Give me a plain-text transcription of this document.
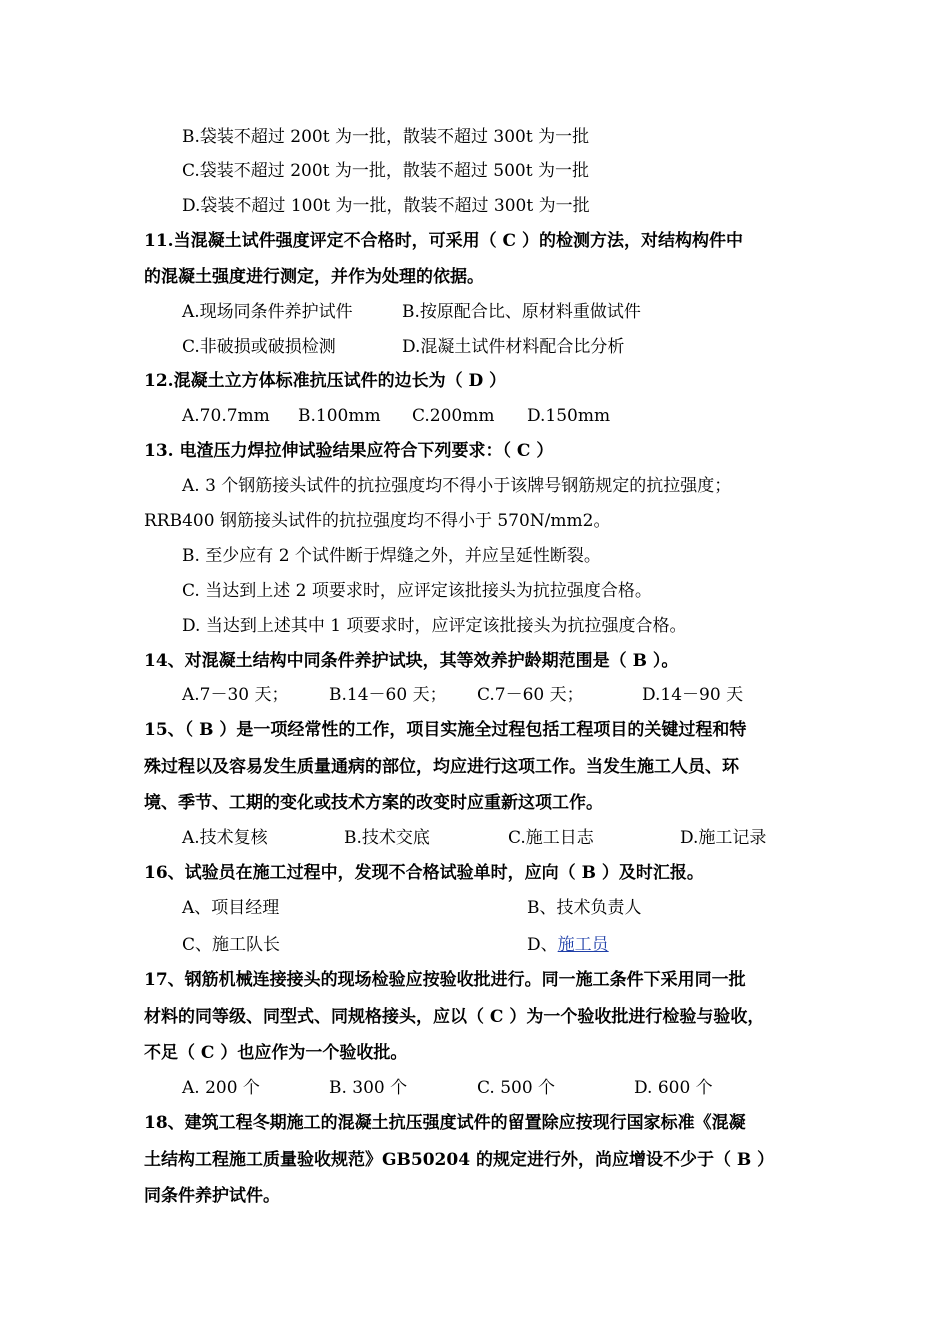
B.袋装不超过 200t 为一批，散装不超过 300t 为一批
C.袋装不超过 200t 为一批，散装不超过 500t 为一批
D.袋装不超过 100t 为一批，散装不超过 300t 为一批
11.当混凝土试件强度评定不合格时，可采用（ C ）的检测方法，对结构构件中
的混凝土强度进行测定，并作为处理的依据。
A.现场同条件养护试件	B.按原配合比、原材料重做试件
C.非破损或破损检测	D.混凝土试件材料配合比分析
12.混凝土立方体标准抗压试件的边长为（ D ）
A.70.7mm B.100mm C.200mm D.150mm
13. 电渣压力焊拉伸试验结果应符合下列要求：（ C ）
A. 3 个钢筋接头试件的抗拉强度均不得小于该牌号钢筋规定的抗拉强度；
RRB400 钢筋接头试件的抗拉强度均不得小于 570N/mm2。
B. 至少应有 2 个试件断于焊缝之外，并应呈延性断裂。
C. 当达到上述 2 项要求时，应评定该批接头为抗拉强度合格。
D. 当达到上述其中 1 项要求时，应评定该批接头为抗拉强度合格。
14、对混凝土结构中同条件养护试块，其等效养护龄期范围是（ B ）。
A.7－30 天； B.14－60 天； C.7－60 天；	D.14－90 天
15、（ B ）是一项经常性的工作，项目实施全过程包括工程项目的关键过程和特
殊过程以及容易发生质量通病的部位，均应进行这项工作。当发生施工人员、环
境、季节、工期的变化或技术方案的改变时应重新这项工作。
A.技术复核	B.技术交底	C.施工日志	D.施工记录
16、试验员在施工过程中，发现不合格试验单时，应向（ B ）及时汇报。
A、项目经理	B、技术负责人
C、施工队长	D、施工员
17、钢筋机械连接接头的现场检验应按验收批进行。同一施工条件下采用同一批
材料的同等级、同型式、同规格接头，应以（ C ）为一个验收批进行检验与验收，
不足（ C ）也应作为一个验收批。
A. 200 个	B. 300 个	C. 500 个	D. 600 个
18、建筑工程冬期施工的混凝土抗压强度试件的留置除应按现行国家标准《混凝
土结构工程施工质量验收规范》GB50204 的规定进行外，尚应增设不少于（ B ）
同条件养护试件。
